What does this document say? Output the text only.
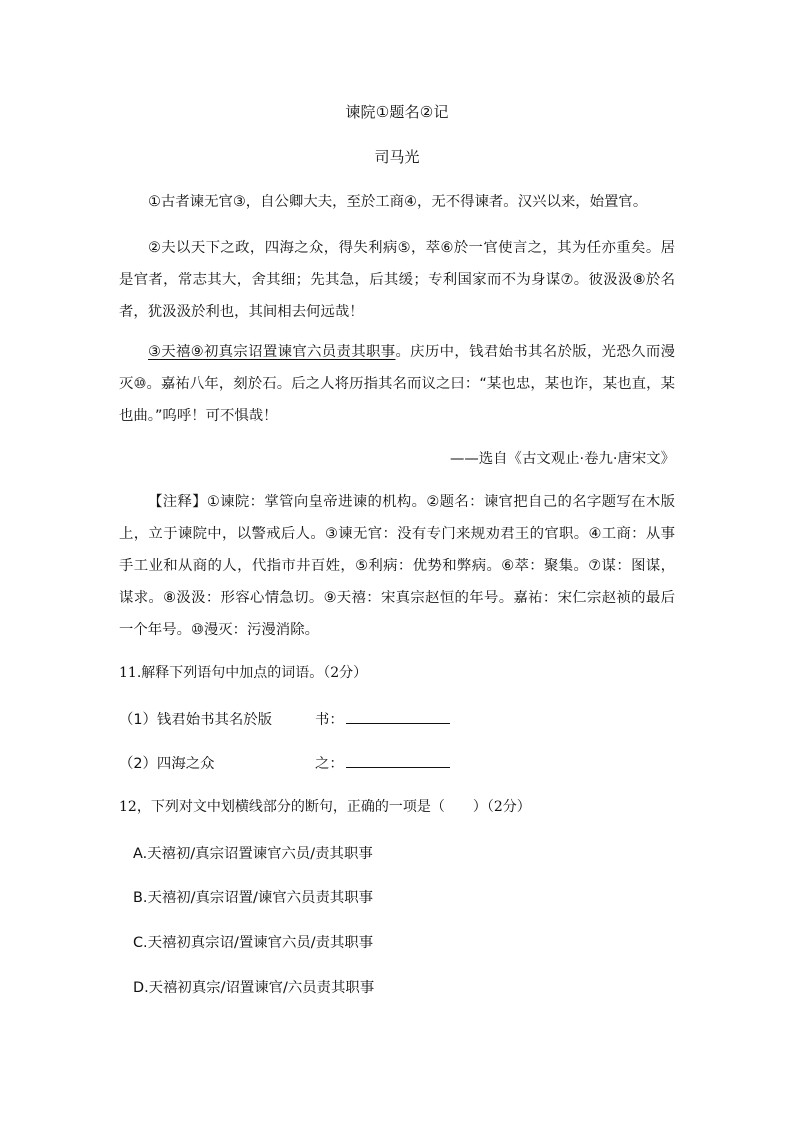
谏院①题名②记
司马光

①古者谏无官③，自公卿大夫，至於工商④，无不得谏者。汉兴以来，始置官。

②夫以天下之政，四海之众，得失利病⑤，萃⑥於一官使言之，其为任亦重矣。居是官者，常志其大，舍其细；先其急，后其缓；专利国家而不为身谋⑦。彼汲汲⑧於名者，犹汲汲於利也，其间相去何远哉！

③天禧⑨初真宗诏置谏官六员责其职事。庆历中，钱君始书其名於版，光恐久而漫灭⑩。嘉祐八年，刻於石。后之人将历指其名而议之曰：“某也忠，某也诈，某也直，某也曲。”呜呼！可不惧哉！

——选自《古文观止·卷九·唐宋文》

【注释】①谏院：掌管向皇帝进谏的机构。②题名：谏官把自己的名字题写在木版上，立于谏院中，以警戒后人。③谏无官：没有专门来规劝君王的官职。④工商：从事手工业和从商的人，代指市井百姓，⑤利病：优势和弊病。⑥萃：聚集。⑦谋：图谋，谋求。⑧汲汲：形容心情急切。⑨天禧：宋真宗赵恒的年号。嘉祐：宋仁宗赵祯的最后一个年号。⑩漫灭：污漫消除。

11.解释下列语句中加点的词语。（2分）
（1）钱君始书其名於版	书：
（2）四海之众	之：
12，下列对文中划横线部分的断句，正确的一项是（　　）（2分）
A.天禧初/真宗诏置谏官六员/责其职事
B.天禧初/真宗诏置/谏官六员责其职事
C.天禧初真宗诏/置谏官六员/责其职事
D.天禧初真宗/诏置谏官/六员责其职事
